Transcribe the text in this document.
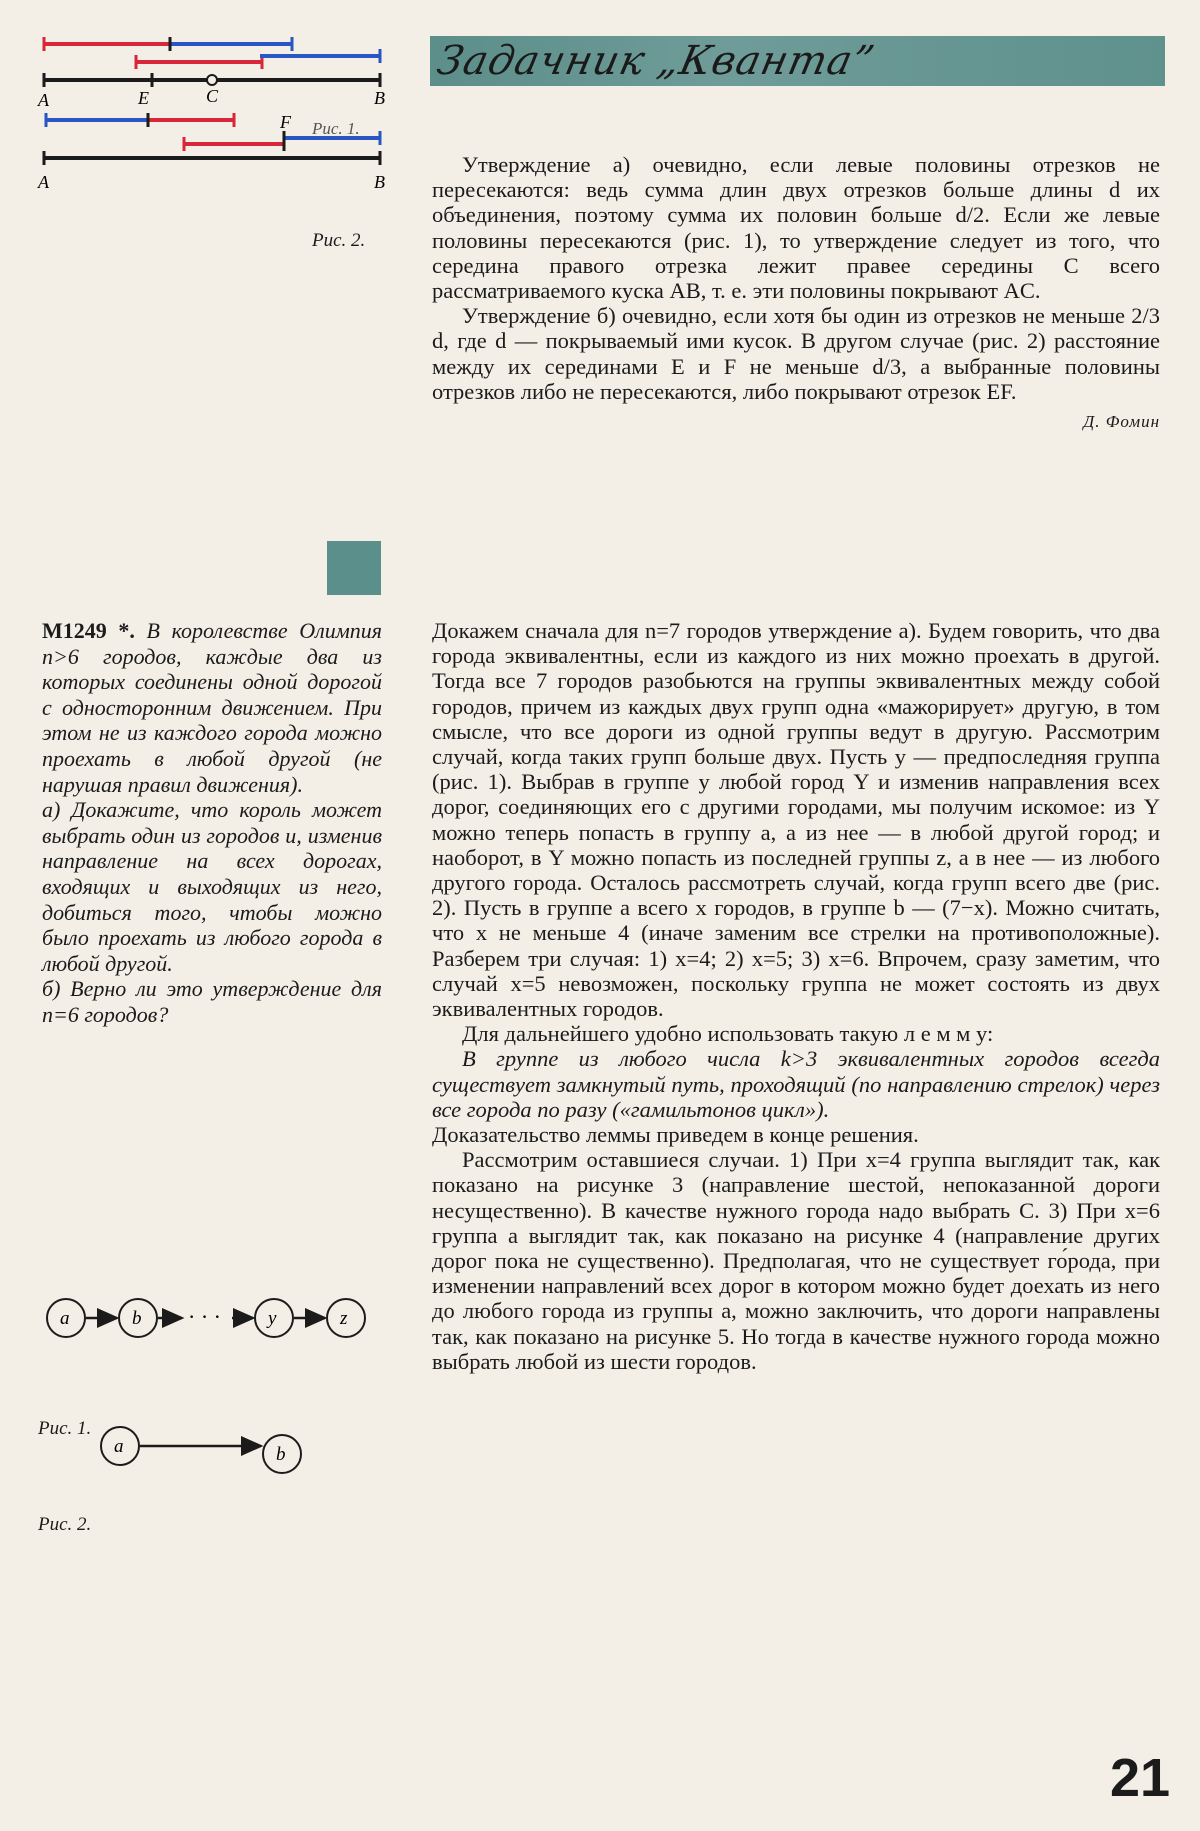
Задачник „Кванта”
A	E	C	B
F
A	B
Рис. 1.
Рис. 2.

Утверждение а) очевидно, если левые половины отрезков не пересекаются: ведь сумма длин двух отрезков больше длины d их объединения, поэтому сумма их половин больше d/2. Если же левые половины пересекаются (рис. 1), то утверждение следует из того, что середина правого отрезка лежит правее середины C всего рассматриваемого куска AB, т. е. эти половины покрывают AC.

Утверждение б) очевидно, если хотя бы один из отрезков не меньше 2/3 d, где d — покрываемый ими кусок. В другом случае (рис. 2) расстояние между их серединами E и F не меньше d/3, а выбранные половины отрезков либо не пересекаются, либо покрывают отрезок EF.

Д. Фомин

М1249 *. В королевстве Олимпия n>6 городов, каждые два из которых соединены одной дорогой с односторонним движением. При этом не из каждого города можно проехать в любой другой (не нарушая правил движения).

а) Докажите, что король может выбрать один из городов и, изменив направление на всех дорогах, входящих и выходящих из него, добиться того, чтобы можно было проехать из любого города в любой другой.

б) Верно ли это утверждение для n=6 городов?

· · ·
a	b	y	z
a	b
Рис. 1.
Рис. 2.

Докажем сначала для n=7 городов утверждение а). Будем говорить, что два города эквивалентны, если из каждого из них можно проехать в другой. Тогда все 7 городов разобьются на группы эквивалентных между собой городов, причем из каждых двух групп одна «мажорирует» другую, в том смысле, что все дороги из одной группы ведут в другую. Рассмотрим случай, когда таких групп больше двух. Пусть y — предпоследняя группа (рис. 1). Выбрав в группе y любой город Y и изменив направления всех дорог, соединяющих его с другими городами, мы получим искомое: из Y можно теперь попасть в группу a, а из нее — в любой другой город; и наоборот, в Y можно попасть из последней группы z, а в нее — из любого другого города. Осталось рассмотреть случай, когда групп всего две (рис. 2). Пусть в группе a всего x городов, в группе b — (7−x). Можно считать, что x не меньше 4 (иначе заменим все стрелки на противоположные). Разберем три случая: 1) x=4; 2) x=5; 3) x=6. Впрочем, сразу заметим, что случай x=5 невозможен, поскольку группа не может состоять из двух эквивалентных городов.

Для дальнейшего удобно использовать такую л е м м у:

В группе из любого числа k>3 эквивалентных городов всегда существует замкнутый путь, проходящий (по направлению стрелок) через все города по разу («гамильтонов цикл»).

Доказательство леммы приведем в конце решения.

Рассмотрим оставшиеся случаи. 1) При x=4 группа выглядит так, как показано на рисунке 3 (направление шестой, непоказанной дороги несущественно). В качестве нужного города надо выбрать C. 3) При x=6 группа a выглядит так, как показано на рисунке 4 (направление других дорог пока не существенно). Предполагая, что не существует го́рода, при изменении направлений всех дорог в котором можно будет доехать из него до любого города из группы a, можно заключить, что дороги направлены так, как показано на рисунке 5. Но тогда в качестве нужного города можно выбрать любой из шести городов.

21
